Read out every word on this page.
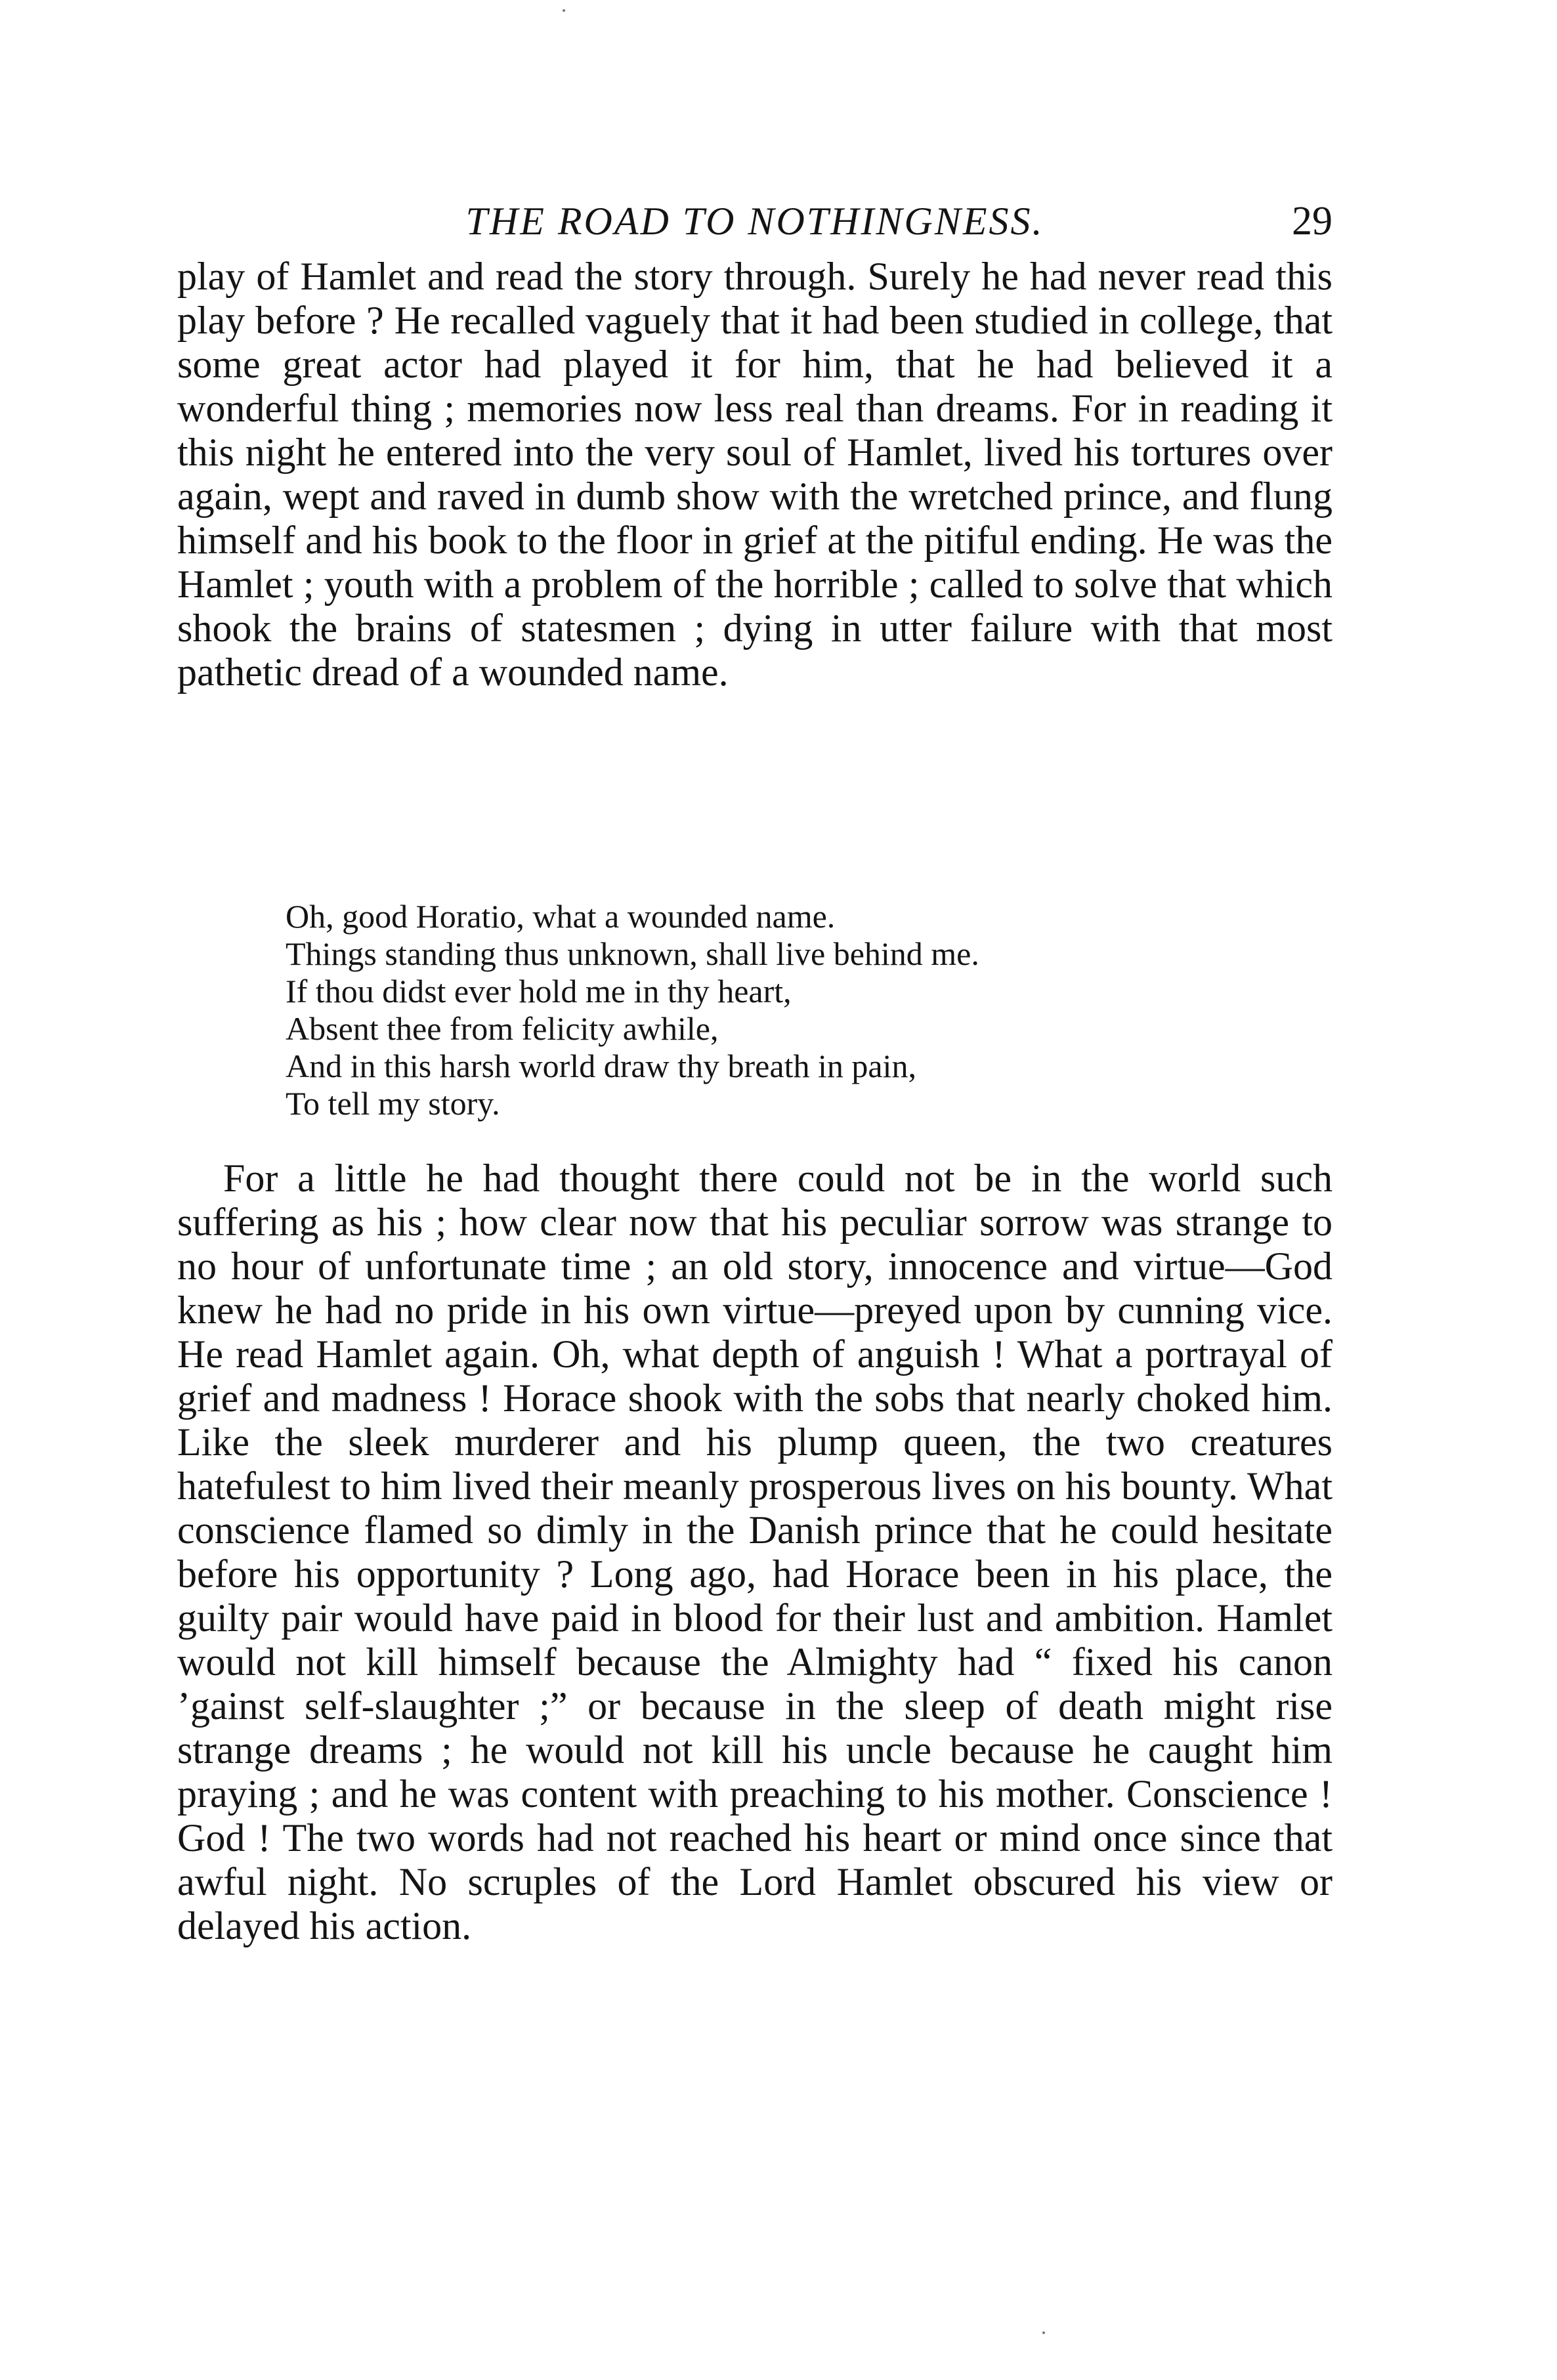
THE ROAD TO NOTHINGNESS.	29

play of Hamlet and read the story through. Surely he had never read this play before ? He recalled vaguely that it had been studied in college, that some great actor had played it for him, that he had believed it a wonderful thing ; memories now less real than dreams. For in reading it this night he entered into the very soul of Hamlet, lived his tortures over again, wept and raved in dumb show with the wretched prince, and flung himself and his book to the floor in grief at the pitiful ending. He was the Hamlet ; youth with a problem of the horrible ; called to solve that which shook the brains of statesmen ; dying in utter failure with that most pathetic dread of a wounded name.

Oh, good Horatio, what a wounded name.
Things standing thus unknown, shall live behind me.
If thou didst ever hold me in thy heart,
Absent thee from felicity awhile,
And in this harsh world draw thy breath in pain,
To tell my story.

For a little he had thought there could not be in the world such suffering as his ; how clear now that his peculiar sorrow was strange to no hour of unfortunate time ; an old story, innocence and virtue—God knew he had no pride in his own virtue—preyed upon by cunning vice. He read Hamlet again. Oh, what depth of anguish ! What a portrayal of grief and madness ! Horace shook with the sobs that nearly choked him. Like the sleek murderer and his plump queen, the two creatures hatefulest to him lived their meanly prosperous lives on his bounty. What conscience flamed so dimly in the Danish prince that he could hesitate before his opportunity ? Long ago, had Horace been in his place, the guilty pair would have paid in blood for their lust and ambition. Hamlet would not kill himself because the Almighty had “ fixed his canon ’gainst self-slaughter ;” or because in the sleep of death might rise strange dreams ; he would not kill his uncle because he caught him praying ; and he was content with preaching to his mother. Conscience ! God ! The two words had not reached his heart or mind once since that awful night. No scruples of the Lord Hamlet obscured his view or delayed his action.
